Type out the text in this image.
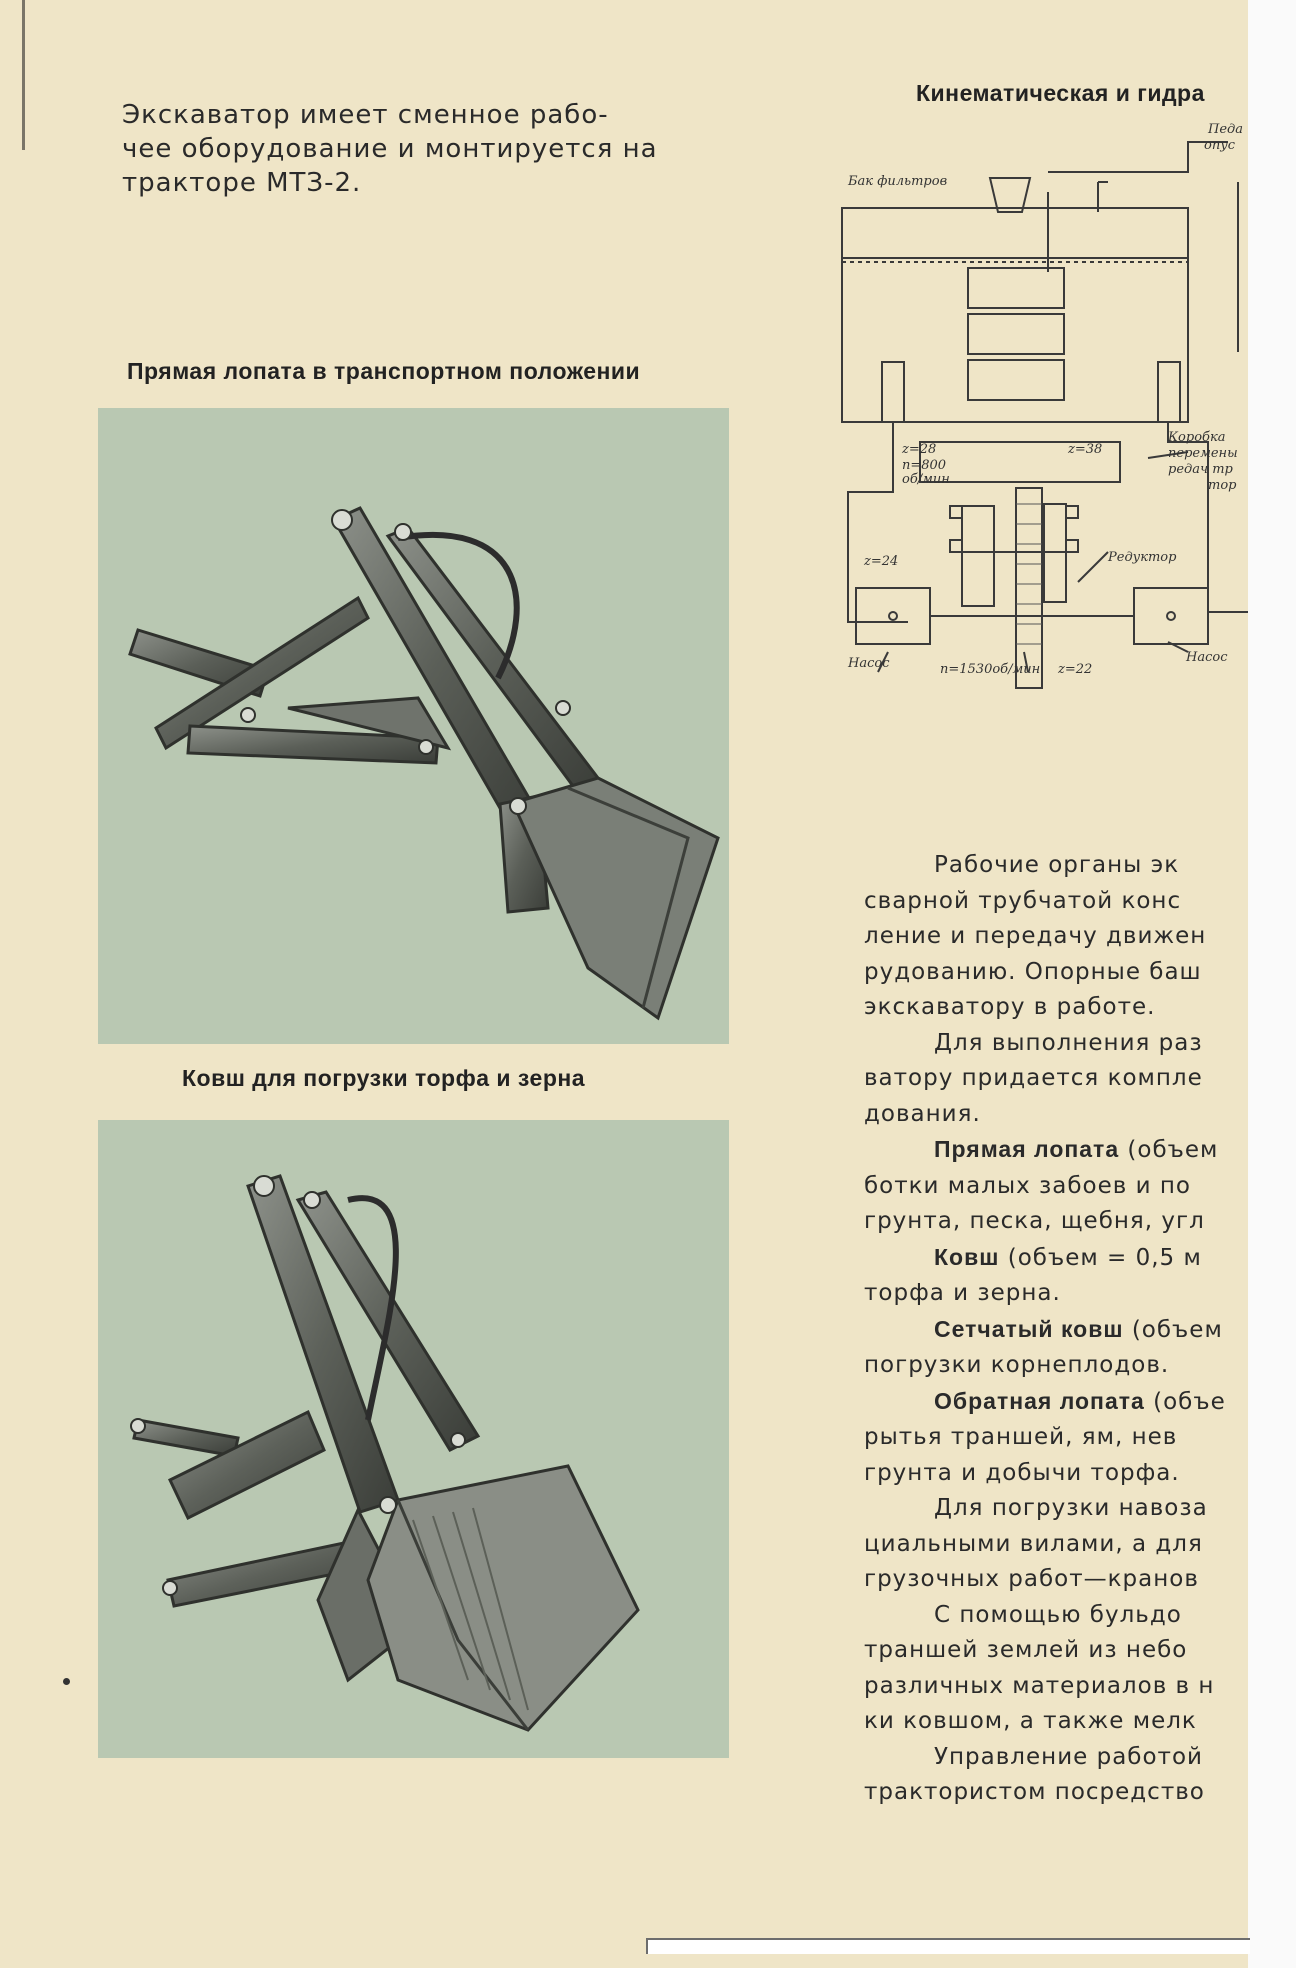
Экскаватор имеет сменное рабо-
чее оборудование и монтируется на
тракторе МТЗ-2.

Прямая лопата в транспортном положении

Ковш для погрузки торфа и зерна

Кинематическая и гидра

Бак фильтров
Педа
опус
z=28
n=800
об/мин
z=38
Коробка
перемены
редач тр
тор
z=24	Редуктор
Насос	n=1530об/мин z=22
Насос

Рабочие органы эк

сварной трубчатой конс

ление и передачу движен

рудованию. Опорные баш

экскаватору в работе.

Для выполнения раз

ватору придается компле

дования.

Прямая лопата (объем

ботки малых забоев и по

грунта, песка, щебня, угл

Ковш (объем = 0,5 м

торфа и зерна.

Сетчатый ковш (объем

погрузки корнеплодов.

Обратная лопата (объе

рытья траншей, ям, нев

грунта и добычи торфа.

Для погрузки навоза

циальными вилами, а для

грузочных работ—кранов

С помощью бульдо

траншей землей из небо

различных материалов в н

ки ковшом, а также мелк

Управление работой

трактористом посредство
